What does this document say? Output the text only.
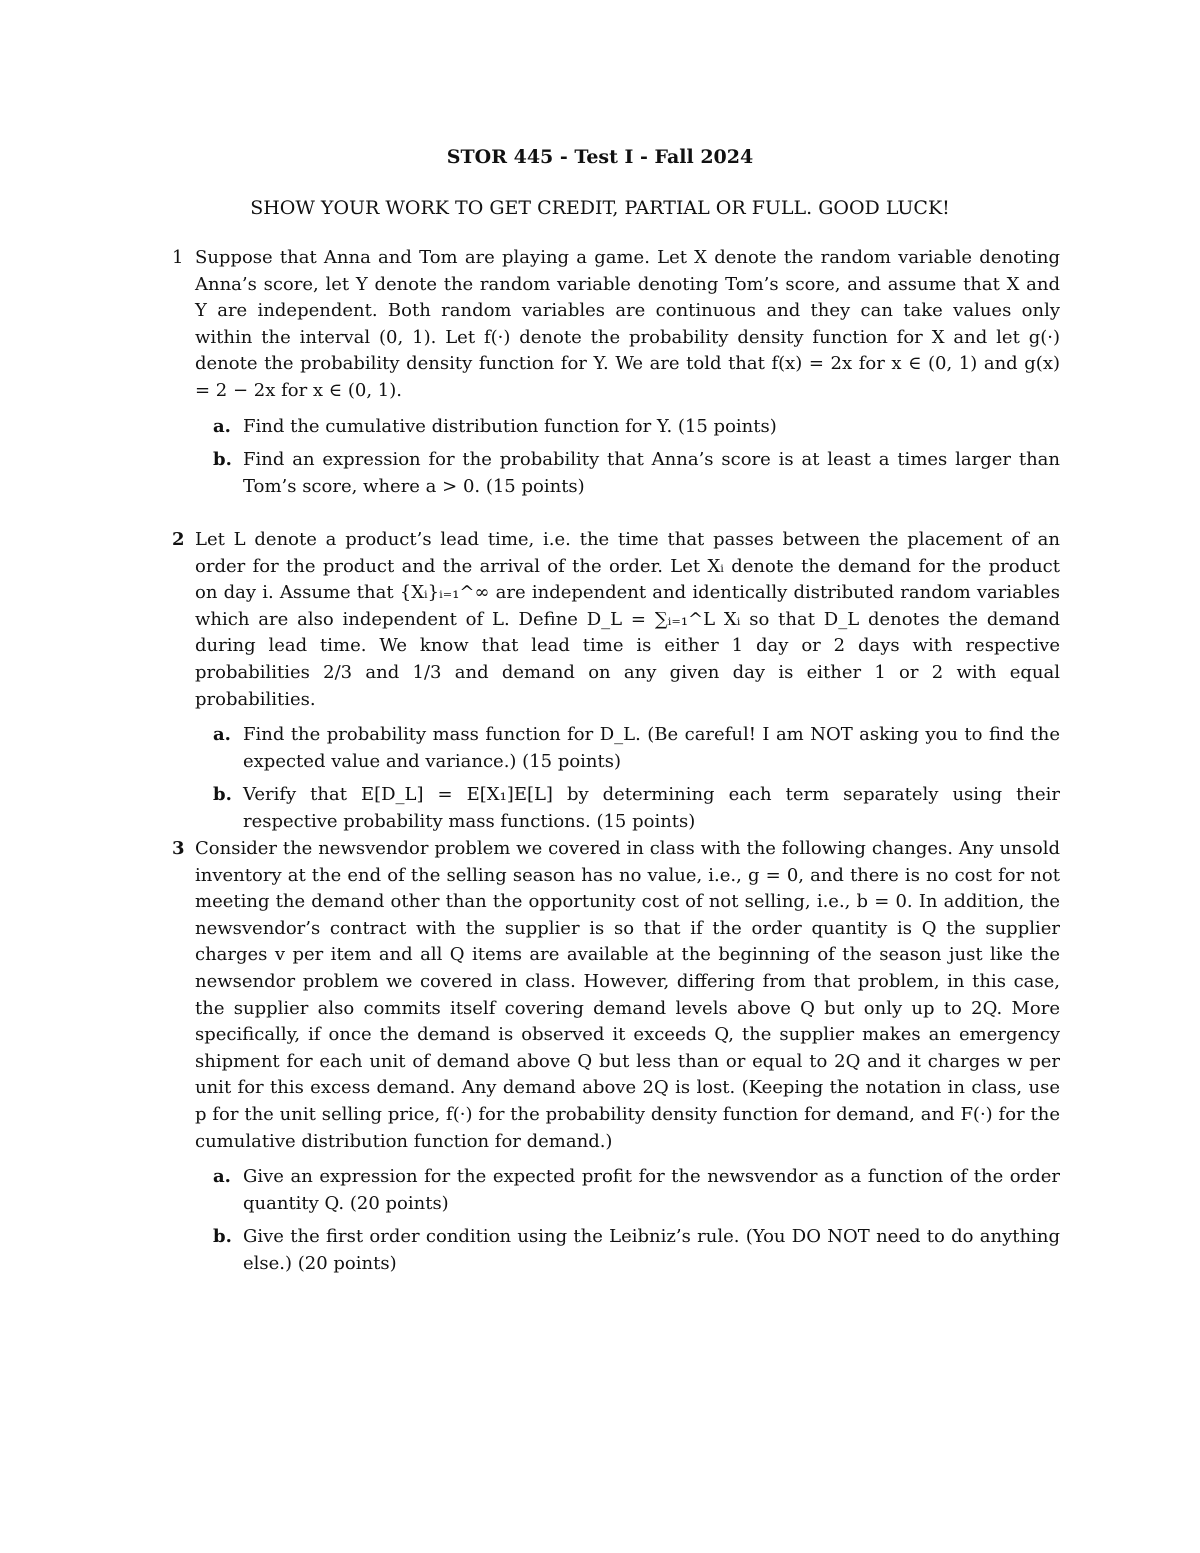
STOR 445 - Test I - Fall 2024
SHOW YOUR WORK TO GET CREDIT, PARTIAL OR FULL. GOOD LUCK!
1 Suppose that Anna and Tom are playing a game. Let X denote the random variable denoting Anna’s score, let Y denote the random variable denoting Tom’s score, and assume that X and Y are independent. Both random variables are continuous and they can take values only within the interval (0, 1). Let f(·) denote the probability density function for X and let g(·) denote the probability density function for Y. We are told that f(x) = 2x for x ∈ (0, 1) and g(x) = 2 − 2x for x ∈ (0, 1).
a. Find the cumulative distribution function for Y. (15 points)
b. Find an expression for the probability that Anna’s score is at least a times larger than Tom’s score, where a > 0. (15 points)
2 Let L denote a product’s lead time, i.e. the time that passes between the placement of an order for the product and the arrival of the order. Let Xᵢ denote the demand for the product on day i. Assume that {Xᵢ}ᵢ₌₁^∞ are independent and identically distributed random variables which are also independent of L. Define D_L = ∑ᵢ₌₁^L Xᵢ so that D_L denotes the demand during lead time. We know that lead time is either 1 day or 2 days with respective probabilities 2/3 and 1/3 and demand on any given day is either 1 or 2 with equal probabilities.
a. Find the probability mass function for D_L. (Be careful! I am NOT asking you to find the expected value and variance.) (15 points)
b. Verify that E[D_L] = E[X₁]E[L] by determining each term separately using their respective probability mass functions. (15 points)
3 Consider the newsvendor problem we covered in class with the following changes. Any unsold inventory at the end of the selling season has no value, i.e., g = 0, and there is no cost for not meeting the demand other than the opportunity cost of not selling, i.e., b = 0. In addition, the newsvendor’s contract with the supplier is so that if the order quantity is Q the supplier charges v per item and all Q items are available at the beginning of the season just like the newsendor problem we covered in class. However, differing from that problem, in this case, the supplier also commits itself covering demand levels above Q but only up to 2Q. More specifically, if once the demand is observed it exceeds Q, the supplier makes an emergency shipment for each unit of demand above Q but less than or equal to 2Q and it charges w per unit for this excess demand. Any demand above 2Q is lost. (Keeping the notation in class, use p for the unit selling price, f(·) for the probability density function for demand, and F(·) for the cumulative distribution function for demand.)
a. Give an expression for the expected profit for the newsvendor as a function of the order quantity Q. (20 points)
b. Give the first order condition using the Leibniz’s rule. (You DO NOT need to do anything else.) (20 points)
